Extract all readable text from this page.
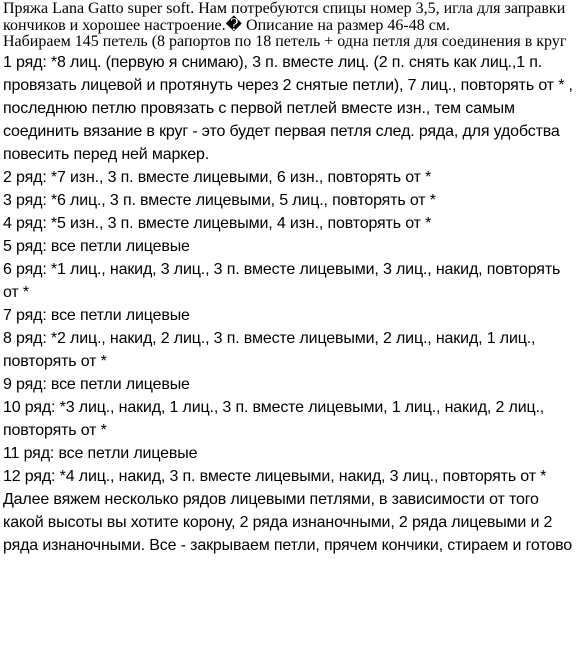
Пряжа Lana Gatto super soft. Нам потребуются спицы номер 3,5, игла для заправки кончиков и хорошее настроение.� Описание на размер 46-48 см.

Набираем 145 петель (8 рапортов по 18 петель + одна петля для соединения в круг

1 ряд: *8 лиц. (первую я снимаю), 3 п. вместе лиц. (2 п. снять как лиц.,1 п. провязать лицевой и протянуть через 2 снятые петли), 7 лиц., повторять от * , последнюю петлю провязать с первой петлей вместе изн., тем самым соединить вязание в круг - это будет первая петля след. ряда, для удобства повесить перед ней маркер.

2 ряд: *7 изн., 3 п. вместе лицевыми, 6 изн., повторять от *

3 ряд: *6 лиц., 3 п. вместе лицевыми, 5 лиц., повторять от *

4 ряд: *5 изн., 3 п. вместе лицевыми, 4 изн., повторять от *

5 ряд: все петли лицевые

6 ряд: *1 лиц., накид, 3 лиц., 3 п. вместе лицевыми, 3 лиц., накид, повторять от *

7 ряд: все петли лицевые

8 ряд: *2 лиц., накид, 2 лиц., 3 п. вместе лицевыми, 2 лиц., накид, 1 лиц., повторять от *

9 ряд: все петли лицевые

10 ряд: *3 лиц., накид, 1 лиц., 3 п. вместе лицевыми, 1 лиц., накид, 2 лиц., повторять от *

11 ряд: все петли лицевые

12 ряд: *4 лиц., накид, 3 п. вместе лицевыми, накид, 3 лиц., повторять от *

Далее вяжем несколько рядов лицевыми петлями, в зависимости от того какой высоты вы хотите корону, 2 ряда изнаночными, 2 ряда лицевыми и 2 ряда изнаночными. Все - закрываем петли, прячем кончики, стираем и готово
